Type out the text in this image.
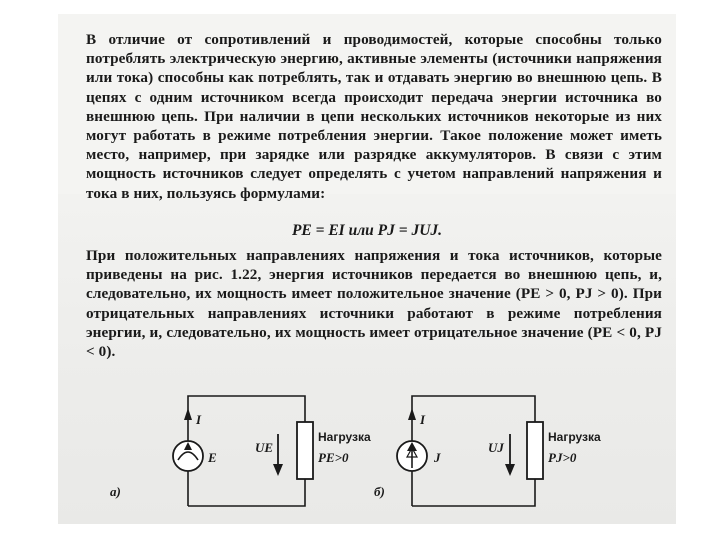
В отличие от сопротивлений и проводимостей, которые способны только потреблять электрическую энергию, активные элементы (источники напряжения или тока) способны как потреблять, так и отдавать энергию во внешнюю цепь. В цепях с одним источником всегда происходит передача энергии источника во внешнюю цепь. При наличии в цепи нескольких источников некоторые из них могут работать в режиме потребления энергии. Такое положение может иметь место, например, при зарядке или разрядке аккумуляторов. В связи с этим мощность источников следует определять с учетом направлений напряжения и тока в них, пользуясь формулами:
PE = EI или PJ = JUJ.
При положительных направлениях напряжения и тока источников, которые приведены на рис. 1.22, энергия источников передается во внешнюю цепь, и, следовательно, их мощность имеет положительное значение (PE > 0, PJ > 0). При отрицательных направлениях источники работают в режиме потребления энергии, и, следовательно, их мощность имеет отрицательное значение (PE < 0, PJ < 0).
I
E
UE
Нагрузка
PE>0
а)
I
J
UJ
Нагрузка
PJ>0
б)
